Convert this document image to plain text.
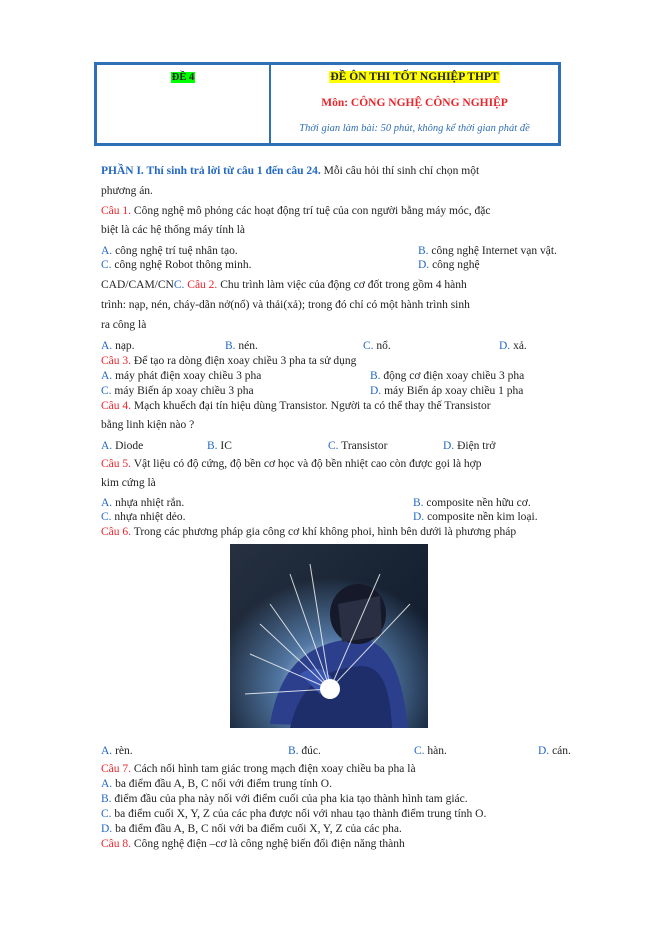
ĐỀ 4	ĐỀ ÔN THI TỐT NGHIỆP THPT
Môn: CÔNG NGHỆ CÔNG NGHIỆP
Thời gian làm bài: 50 phút, không kể thời gian phát đề
PHẦN I. Thí sinh trả lời từ câu 1 đến câu 24. Mỗi câu hỏi thí sinh chỉ chọn một
phương án.
Câu 1. Công nghệ mô phỏng các hoạt động trí tuệ của con người bằng máy móc, đặc
biệt là các hệ thống máy tính là
A. công nghệ trí tuệ nhân tạo.	B. công nghệ Internet vạn vật.
C. công nghệ Robot thông minh.	D. công nghệ
CAD/CAM/CNC. Câu 2. Chu trình làm việc của động cơ đốt trong gồm 4 hành
trình: nạp, nén, cháy-dãn nở(nổ) và thải(xả); trong đó chỉ có một hành trình sinh
ra công là
A. nạp.	B. nén.	C. nổ.	D. xả.
Câu 3. Để tạo ra dòng điện xoay chiều 3 pha ta sử dụng
A. máy phát điện xoay chiều 3 pha	B. động cơ điện xoay chiều 3 pha
C. máy Biến áp xoay chiều 3 pha	D. máy Biến áp xoay chiều 1 pha
Câu 4. Mạch khuếch đại tín hiệu dùng Transistor. Người ta có thể thay thế Transistor
bằng linh kiện nào ?
A. Diode	B. IC	C. Transistor	D. Điện trở
Câu 5. Vật liệu có độ cứng, độ bền cơ học và độ bền nhiệt cao còn được gọi là hợp
kim cứng là
A. nhựa nhiệt rắn.	B. composite nền hữu cơ.
C. nhựa nhiệt dẻo.	D. composite nền kim loại.
Câu 6. Trong các phương pháp gia công cơ khí không phoi, hình bên dưới là phương pháp
A. rèn.	B. đúc.	C. hàn.	D. cán.
Câu 7. Cách nối hình tam giác trong mạch điện xoay chiều ba pha là
A. ba điểm đầu A, B, C nối với điểm trung tính O.
B. điểm đầu của pha này nối với điểm cuối của pha kia tạo thành hình tam giác.
C. ba điểm cuối X, Y, Z của các pha được nối với nhau tạo thành điểm trung tính O.
D. ba điểm đầu A, B, C nối với ba điểm cuối X, Y, Z của các pha.
Câu 8. Công nghệ điện –cơ là công nghệ biến đổi điện năng thành
